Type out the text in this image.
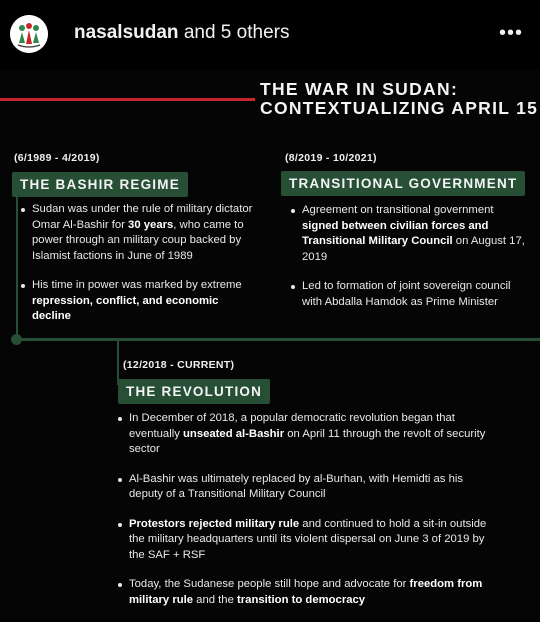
nasalsudan and 5 others	•••
THE WAR IN SUDAN:
CONTEXTUALIZING APRIL 15
(6/1989 - 4/2019)
THE BASHIR REGIME
Sudan was under the rule of military dictator Omar Al-Bashir for 30 years, who came to power through an military coup backed by Islamist factions in June of 1989
His time in power was marked by extreme repression, conflict, and economic decline
(8/2019 - 10/2021)
TRANSITIONAL GOVERNMENT
Agreement on transitional government signed between civilian forces and Transitional Military Council on August 17, 2019
Led to formation of joint sovereign council with Abdalla Hamdok as Prime Minister
(12/2018 - CURRENT)
THE REVOLUTION
In December of 2018, a popular democratic revolution began that eventually unseated al-Bashir on April 11 through the revolt of security sector
Al-Bashir was ultimately replaced by al-Burhan, with Hemidti as his deputy of a Transitional Military Council
Protestors rejected military rule and continued to hold a sit-in outside the military headquarters until its violent dispersal on June 3 of 2019 by the SAF + RSF
Today, the Sudanese people still hope and advocate for freedom from military rule and the transition to democracy
